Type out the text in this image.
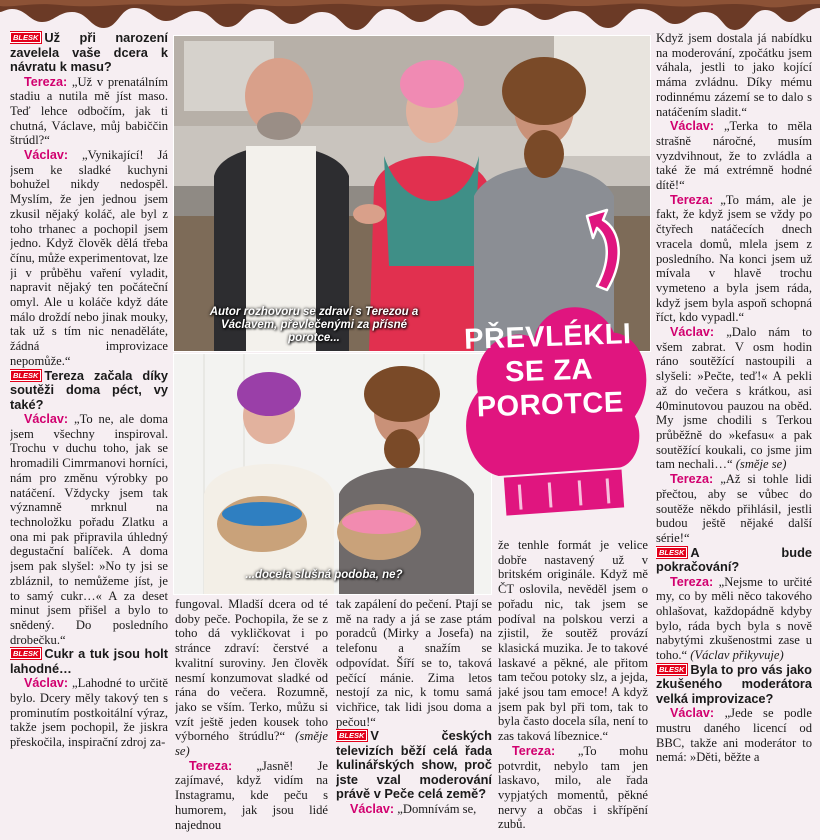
BLESK Už při narození zavelela vaše dcera k návratu k masu?

Tereza: „Už v prenatálním stadiu a nutila mě jíst maso. Teď lehce odbočím, jak ti chutná, Václave, můj babiččin štrúdl?“

Václav: „Vynikající! Já jsem ke sladké kuchyni bohužel nikdy nedospěl. Myslím, že jen jednou jsem zkusil nějaký koláč, ale byl z toho trhanec a pochopil jsem jedno. Když člověk dělá třeba čínu, může experimentovat, lze ji v průběhu vaření vyladit, napravit nějaký ten počáteční omyl. Ale u koláče když dáte málo droždí nebo jinak mouky, tak už s tím nic nenaděláte, žádná improvizace nepomůže.“

BLESK Tereza začala díky soutěži doma péct, vy také?

Václav: „To ne, ale doma jsem všechny inspiroval. Trochu v duchu toho, jak se hromadili Cimrmanovi horníci, nám pro změnu výrobky po natáčení. Vždycky jsem tak významně mrknul na technoložku pořadu Zlatku a ona mi pak připravila úhledný degustační balíček. A doma jsem pak slyšel: »No ty jsi se zbláznil, to nemůžeme jíst, je to samý cukr…« A za deset minut jsem přišel a bylo to snědený. Do posledního drobečku.“

BLESK Cukr a tuk jsou holt lahodné…

Václav: „Lahodné to určitě bylo. Dcery měly takový ten s prominutím postkoitální výraz, takže jsem pochopil, že jiskra přeskočila, inspirační zdroj za-

Autor rozhovoru se zdraví s Terezou a Václavem, převlečenými za přísné porotce...
...docela slušná podoba, ne?
PŘEVLÉKLI SE ZA POROTCE

fungoval. Mladší dcera od té doby peče. Pochopila, že se z toho dá vykličkovat i po stránce zdraví: čerstvé a kvalitní suroviny. Jen člověk nesmí konzumovat sladké od rána do večera. Rozumně, jako se vším. Terko, můžu si vzít ještě jeden kousek toho výborného štrúdlu?“ (směje se)

Tereza: „Jasně! Je zajímavé, když vidím na Instagramu, kde peču s humorem, jak jsou lidé najednou

tak zapálení do pečení. Ptají se mě na rady a já se zase ptám poradců (Mirky a Josefa) na telefonu a snažím se odpovídat. Šíří se to, taková pečící mánie. Zima letos nestojí za nic, k tomu samá vichřice, tak lidi jsou doma a pečou!“

BLESK V českých televizích běží celá řada kulinářských show, proč jste vzal moderování právě v Peče celá země?

Václav: „Domnívám se,

že tenhle formát je velice dobře nastavený už v britském originále. Když mě ČT oslovila, nevěděl jsem o pořadu nic, tak jsem se podíval na polskou verzi a zjistil, že soutěž provází klasická muzika. Je to takové laskavé a pěkné, ale přitom tam tečou potoky slz, a jejda, jaké jsou tam emoce! A když jsem pak byl při tom, tak to byla často docela síla, není to zas taková líbeznice.“

Tereza: „To mohu potvrdit, nebylo tam jen laskavo, milo, ale řada vypjatých momentů, pěkné nervy a občas i skřípění zubů.

Když jsem dostala já nabídku na moderování, zpočátku jsem váhala, jestli to jako kojící máma zvládnu. Díky mému rodinnému zázemí se to dalo s natáčením sladit.“

Václav: „Terka to měla strašně náročné, musím vyzdvihnout, že to zvládla a také že má extrémně hodné dítě!“

Tereza: „To mám, ale je fakt, že když jsem se vždy po čtyřech natáčecích dnech vracela domů, mlela jsem z posledního. Na konci jsem už mívala v hlavě trochu vymeteno a byla jsem ráda, když jsem byla aspoň schopná říct, kdo vypadl.“

Václav: „Dalo nám to všem zabrat. V osm hodin ráno soutěžící nastoupili a slyšeli: »Pečte, teď!« A pekli až do večera s krátkou, asi 40minutovou pauzou na oběd. My jsme chodili s Terkou průběžně do »kefasu« a pak soutěžící koukali, co jsme jim tam nechali…“ (směje se)

Tereza: „Až si tohle lidi přečtou, aby se vůbec do soutěže někdo přihlásil, jestli budou ještě nějaké další série!“

BLESK A bude pokračování?

Tereza: „Nejsme to určité my, co by měli něco takového ohlašovat, každopádně kdyby bylo, ráda bych byla s nově nabytými zkušenostmi zase u toho.“ (Václav přikyvuje)

BLESK Byla to pro vás jako zkušeného moderátora velká improvizace?

Václav: „Jede se podle mustru daného licencí od BBC, takže ani moderátor to nemá: »Děti, běžte a
